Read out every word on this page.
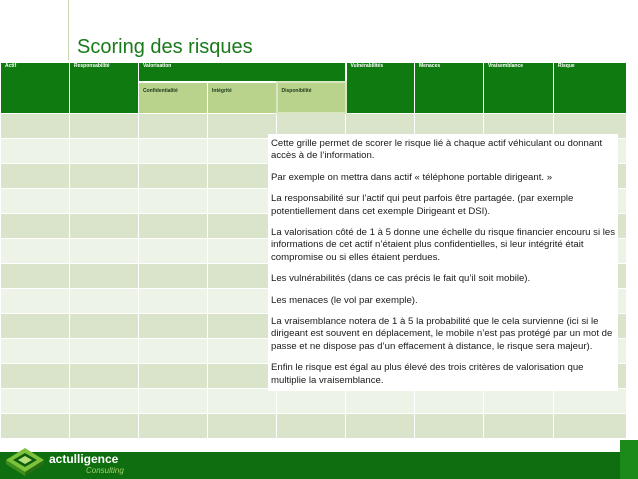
Scoring des risques
Actif	Responsabilité	Valorisation			Vulnérabilités	Menaces	Vraisemblance	Risque
		Confidentialité	Intégrité	Disponibilité				

Cette grille permet de scorer le risque lié à chaque actif véhiculant ou donnant accès à de l’information.

Par exemple on mettra dans actif « téléphone portable dirigeant. »

La responsabilité sur l’actif qui peut parfois être partagée. (par exemple potentiellement dans cet exemple Dirigeant et DSI).

La valorisation côté de 1 à 5 donne une échelle du risque financier encouru si les informations de cet actif n’étaient plus confidentielles, si leur intégrité était compromise ou si elles étaient perdues.

Les vulnérabilités (dans ce cas précis le fait qu’il soit mobile).

Les menaces (le vol par exemple).

La vraisemblance notera de 1 à 5 la probabilité que le cela survienne (ici si le dirigeant est souvent en déplacement, le mobile n’est pas protégé par un mot de passe et ne dispose pas d’un effacement à distance, le risque sera majeur).

Enfin le risque est égal au plus élevé des trois critères de valorisation que multiplie la vraisemblance.

actulligence
Consulting
